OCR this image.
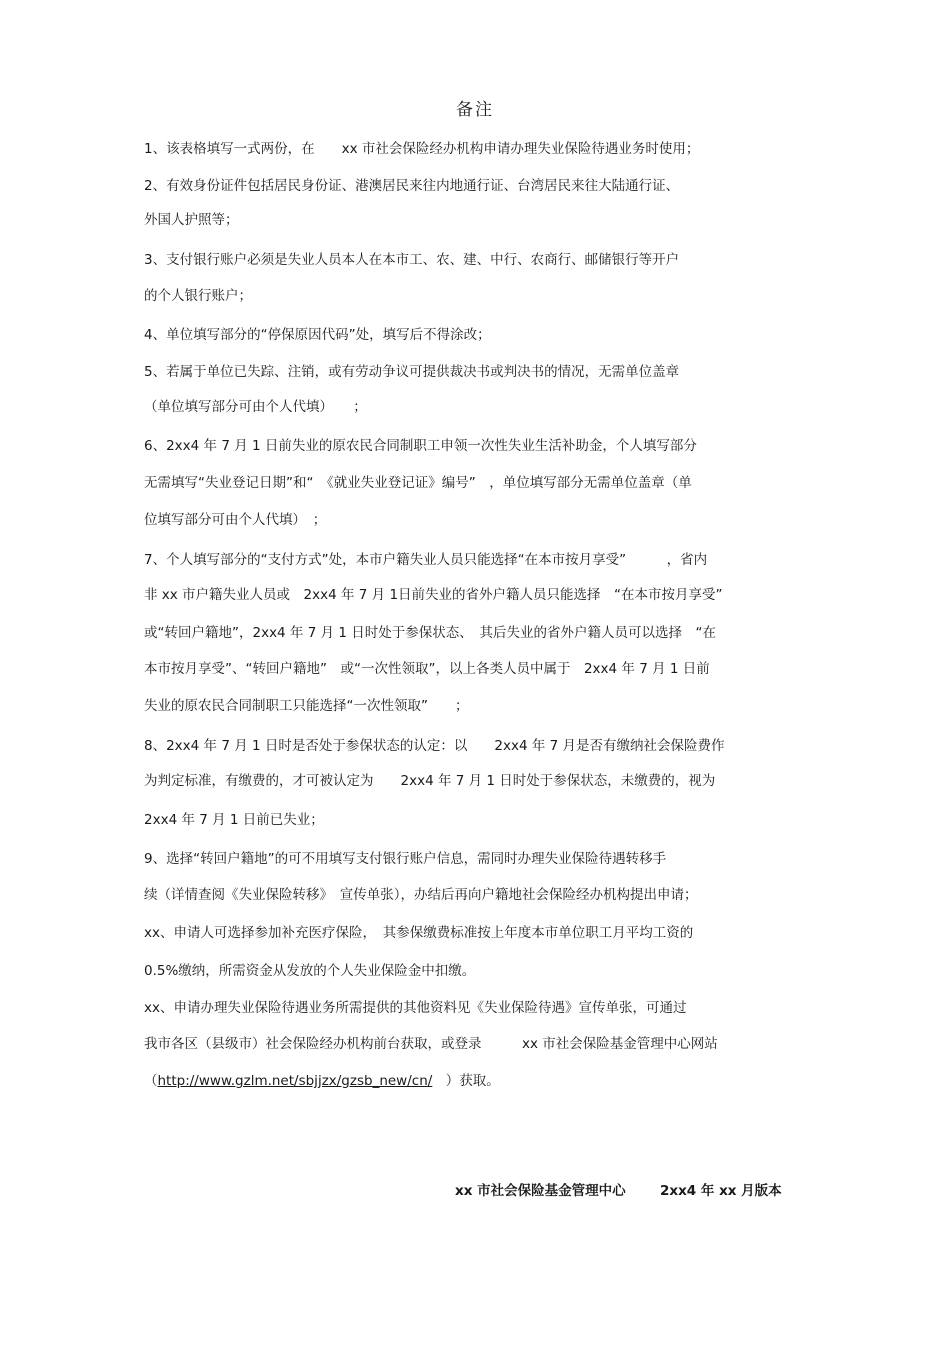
备注
1、该表格填写一式两份，在　　xx 市社会保险经办机构申请办理失业保险待遇业务时使用；
2、有效身份证件包括居民身份证、港澳居民来往内地通行证、台湾居民来往大陆通行证、
外国人护照等；
3、支付银行账户必须是失业人员本人在本市工、农、建、中行、农商行、邮储银行等开户
的个人银行账户；
4、单位填写部分的“停保原因代码”处，填写后不得涂改；
5、若属于单位已失踪、注销，或有劳动争议可提供裁决书或判决书的情况，无需单位盖章
（单位填写部分可由个人代填）　　；
6、2xx4 年 7 月 1 日前失业的原农民合同制职工申领一次性失业生活补助金，个人填写部分
无需填写“失业登记日期”和“　《就业失业登记证》编号”　，单位填写部分无需单位盖章（单
位填写部分可由个人代填）　；
7、个人填写部分的“支付方式”处，本市户籍失业人员只能选择“在本市按月享受”　　　，省内
非 xx 市户籍失业人员或　2xx4 年 7 月 1日前失业的省外户籍人员只能选择　“在本市按月享受”
或“转回户籍地”，2xx4 年 7 月 1 日时处于参保状态、　其后失业的省外户籍人员可以选择　“在
本市按月享受”、“转回户籍地”　或“一次性领取”，以上各类人员中属于　2xx4 年 7 月 1 日前
失业的原农民合同制职工只能选择“一次性领取”　　；
8、2xx4 年 7 月 1 日时是否处于参保状态的认定：以　　2xx4 年 7 月是否有缴纳社会保险费作
为判定标准，有缴费的，才可被认定为　　2xx4 年 7 月 1 日时处于参保状态，未缴费的，视为
2xx4 年 7 月 1 日前已失业；
9、选择“转回户籍地”的可不用填写支付银行账户信息，需同时办理失业保险待遇转移手
续（详情查阅《失业保险转移》　宣传单张），办结后再向户籍地社会保险经办机构提出申请；
xx、申请人可选择参加补充医疗保险，　其参保缴费标准按上年度本市单位职工月平均工资的
0.5%缴纳，所需资金从发放的个人失业保险金中扣缴。
xx、申请办理失业保险待遇业务所需提供的其他资料见《失业保险待遇》宣传单张，可通过
我市各区（县级市）社会保险经办机构前台获取，或登录　　　xx 市社会保险基金管理中心网站
（http://www.gzlm.net/sbjjzx/gzsb_new/cn/　）获取。
xx 市社会保险基金管理中心	2xx4 年 xx 月版本
